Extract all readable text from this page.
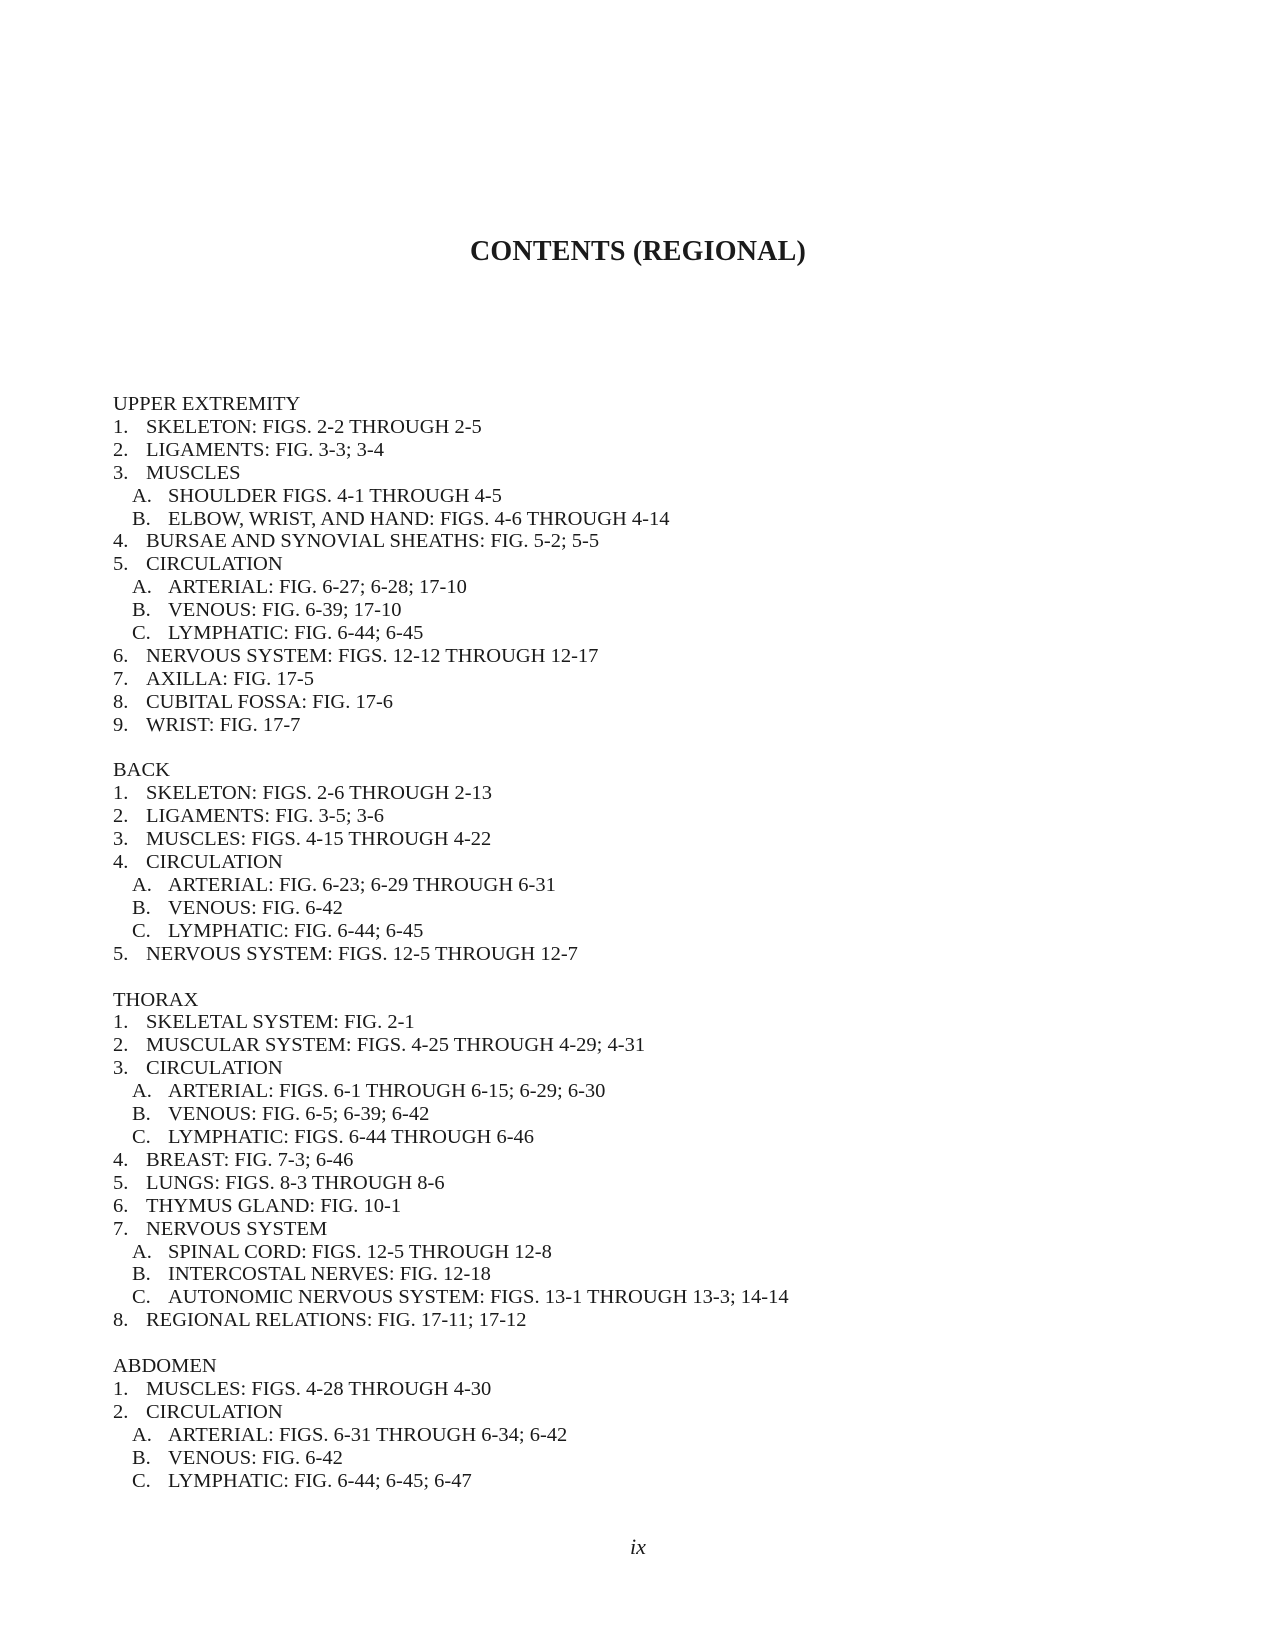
CONTENTS (REGIONAL)
UPPER EXTREMITY
1. SKELETON: FIGS. 2-2 THROUGH 2-5
2. LIGAMENTS: FIG. 3-3; 3-4
3. MUSCLES
A. SHOULDER FIGS. 4-1 THROUGH 4-5
B. ELBOW, WRIST, AND HAND: FIGS. 4-6 THROUGH 4-14
4. BURSAE AND SYNOVIAL SHEATHS: FIG. 5-2; 5-5
5. CIRCULATION
A. ARTERIAL: FIG. 6-27; 6-28; 17-10
B. VENOUS: FIG. 6-39; 17-10
C. LYMPHATIC: FIG. 6-44; 6-45
6. NERVOUS SYSTEM: FIGS. 12-12 THROUGH 12-17
7. AXILLA: FIG. 17-5
8. CUBITAL FOSSA: FIG. 17-6
9. WRIST: FIG. 17-7
BACK
1. SKELETON: FIGS. 2-6 THROUGH 2-13
2. LIGAMENTS: FIG. 3-5; 3-6
3. MUSCLES: FIGS. 4-15 THROUGH 4-22
4. CIRCULATION
A. ARTERIAL: FIG. 6-23; 6-29 THROUGH 6-31
B. VENOUS: FIG. 6-42
C. LYMPHATIC: FIG. 6-44; 6-45
5. NERVOUS SYSTEM: FIGS. 12-5 THROUGH 12-7
THORAX
1. SKELETAL SYSTEM: FIG. 2-1
2. MUSCULAR SYSTEM: FIGS. 4-25 THROUGH 4-29; 4-31
3. CIRCULATION
A. ARTERIAL: FIGS. 6-1 THROUGH 6-15; 6-29; 6-30
B. VENOUS: FIG. 6-5; 6-39; 6-42
C. LYMPHATIC: FIGS. 6-44 THROUGH 6-46
4. BREAST: FIG. 7-3; 6-46
5. LUNGS: FIGS. 8-3 THROUGH 8-6
6. THYMUS GLAND: FIG. 10-1
7. NERVOUS SYSTEM
A. SPINAL CORD: FIGS. 12-5 THROUGH 12-8
B. INTERCOSTAL NERVES: FIG. 12-18
C. AUTONOMIC NERVOUS SYSTEM: FIGS. 13-1 THROUGH 13-3; 14-14
8. REGIONAL RELATIONS: FIG. 17-11; 17-12
ABDOMEN
1. MUSCLES: FIGS. 4-28 THROUGH 4-30
2. CIRCULATION
A. ARTERIAL: FIGS. 6-31 THROUGH 6-34; 6-42
B. VENOUS: FIG. 6-42
C. LYMPHATIC: FIG. 6-44; 6-45; 6-47
ix
